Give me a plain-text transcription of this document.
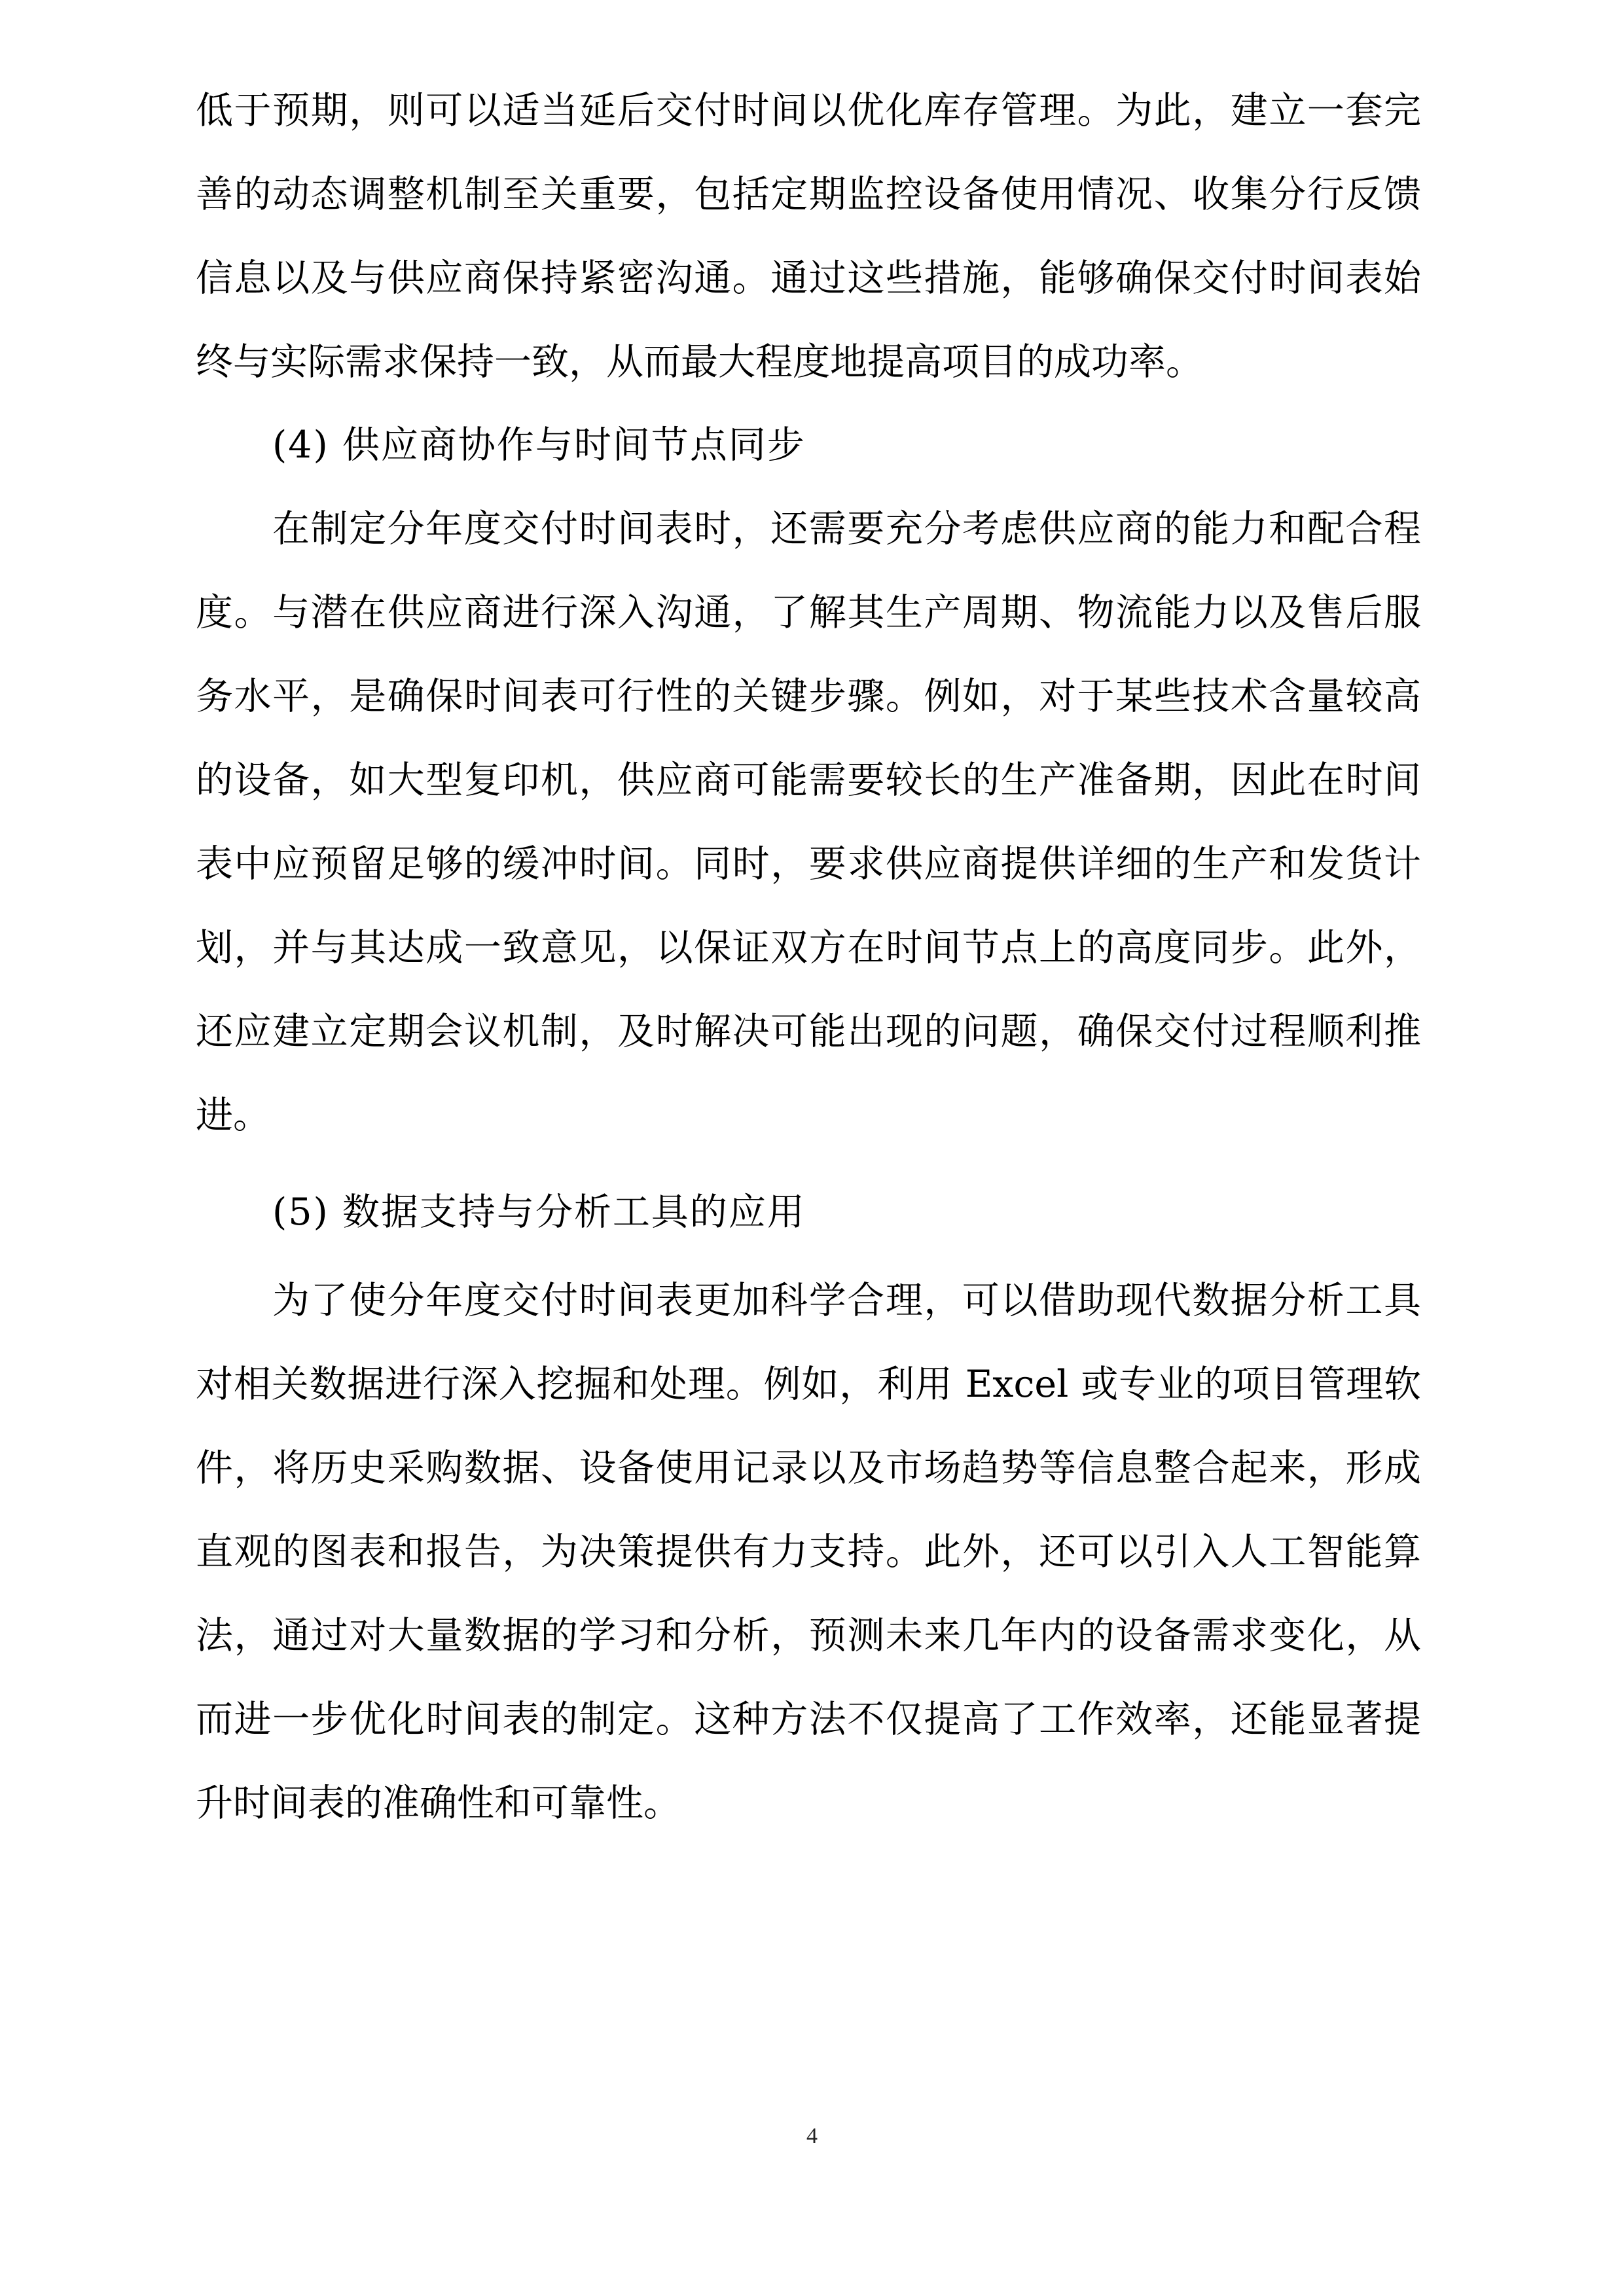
低于预期，则可以适当延后交付时间以优化库存管理。为此，建立一套完
善的动态调整机制至关重要，包括定期监控设备使用情况、收集分行反馈
信息以及与供应商保持紧密沟通。通过这些措施，能够确保交付时间表始
终与实际需求保持一致，从而最大程度地提高项目的成功率。
(4) 供应商协作与时间节点同步
在制定分年度交付时间表时，还需要充分考虑供应商的能力和配合程
度。与潜在供应商进行深入沟通，了解其生产周期、物流能力以及售后服
务水平，是确保时间表可行性的关键步骤。例如，对于某些技术含量较高
的设备，如大型复印机，供应商可能需要较长的生产准备期，因此在时间
表中应预留足够的缓冲时间。同时，要求供应商提供详细的生产和发货计
划，并与其达成一致意见，以保证双方在时间节点上的高度同步。此外，
还应建立定期会议机制，及时解决可能出现的问题，确保交付过程顺利推
进。
(5) 数据支持与分析工具的应用
为了使分年度交付时间表更加科学合理，可以借助现代数据分析工具
对相关数据进行深入挖掘和处理。例如，利用 Excel 或专业的项目管理软
件，将历史采购数据、设备使用记录以及市场趋势等信息整合起来，形成
直观的图表和报告，为决策提供有力支持。此外，还可以引入人工智能算
法，通过对大量数据的学习和分析，预测未来几年内的设备需求变化，从
而进一步优化时间表的制定。这种方法不仅提高了工作效率，还能显著提
升时间表的准确性和可靠性。
4
